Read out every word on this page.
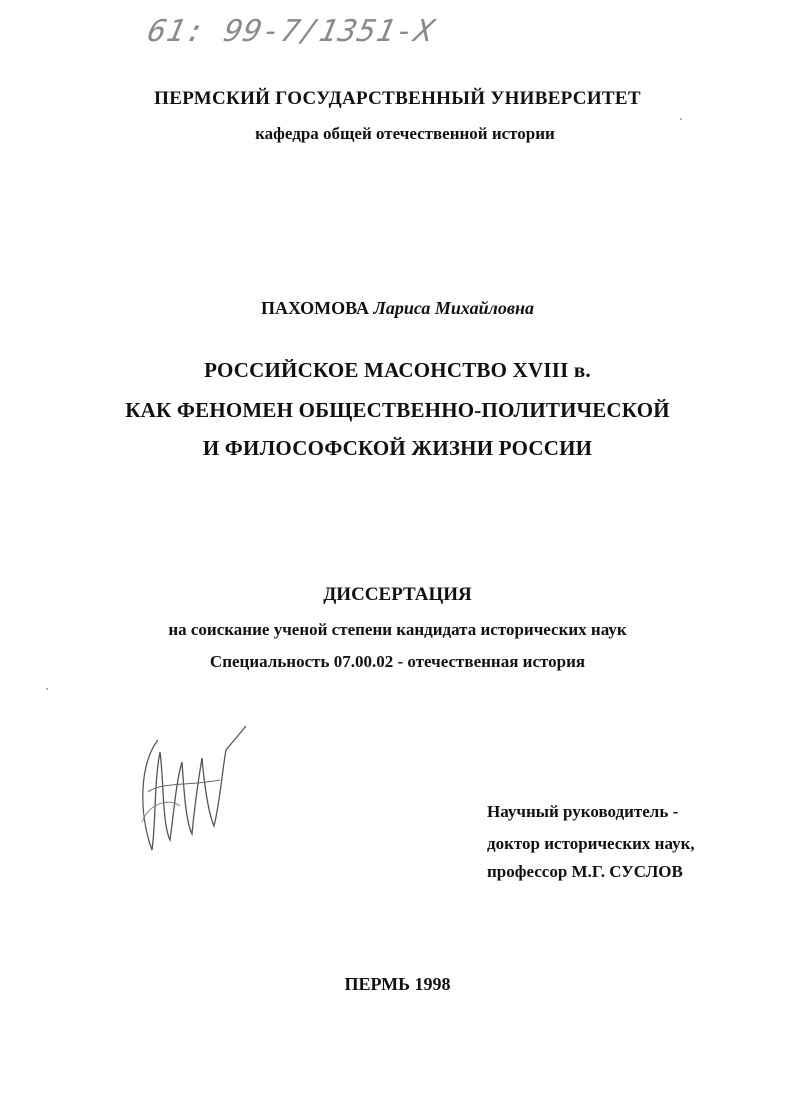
61: 99-7/1351-X
ПЕРМСКИЙ ГОСУДАРСТВЕННЫЙ УНИВЕРСИТЕТ
кафедра общей отечественной истории
ПАХОМОВА Лариса Михайловна
РОССИЙСКОЕ МАСОНСТВО XVIII в.
КАК ФЕНОМЕН ОБЩЕСТВЕННО-ПОЛИТИЧЕСКОЙ
И ФИЛОСОФСКОЙ ЖИЗНИ РОССИИ
ДИССЕРТАЦИЯ
на соискание ученой степени кандидата исторических наук
Специальность 07.00.02 - отечественная история
Научный руководитель -
доктор исторических наук,
профессор М.Г. СУСЛОВ
ПЕРМЬ 1998
